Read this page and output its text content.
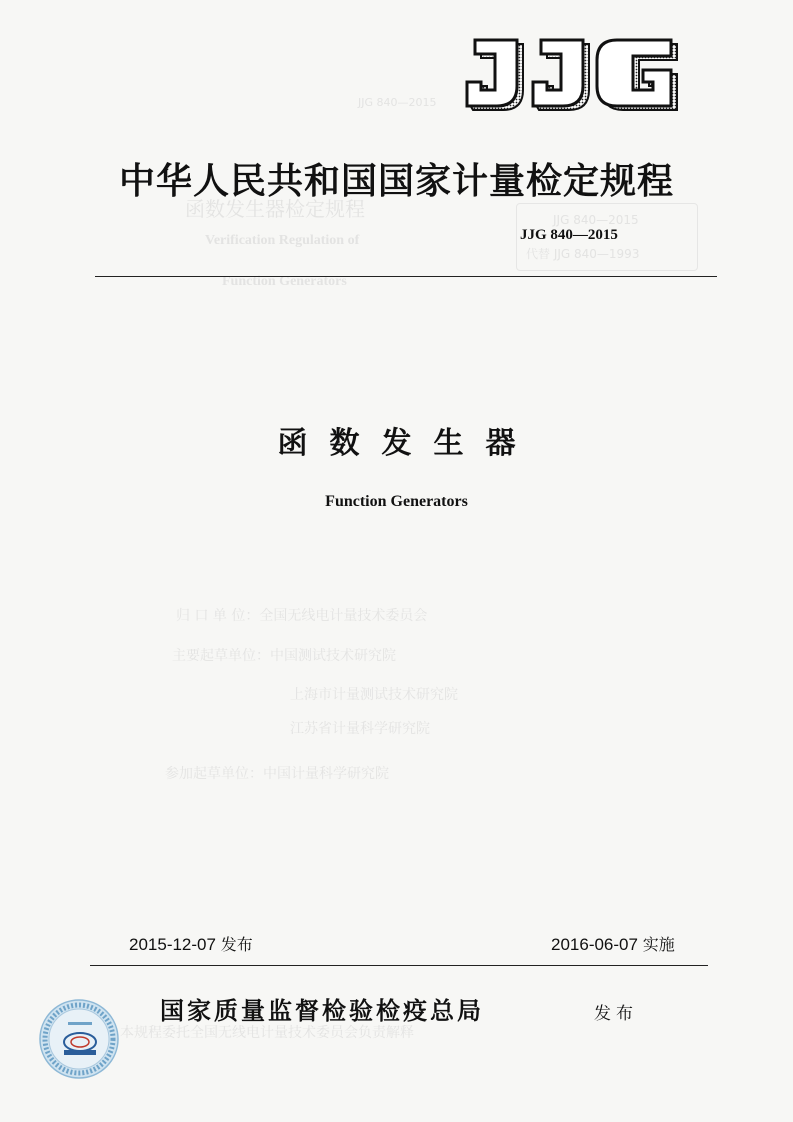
JJG 840—2015
函数发生器检定规程
Verification Regulation of
Function Generators
JJG 840—2015
代替 JJG 840—1993
归 口 单 位：全国无线电计量技术委员会
主要起草单位：中国测试技术研究院
上海市计量测试技术研究院
江苏省计量科学研究院
参加起草单位：中国计量科学研究院
本规程委托全国无线电计量技术委员会负责解释
中华人民共和国国家计量检定规程
JJG 840—2015
函数发生器
Function Generators
2015-12-07 发布	2016-06-07 实施
国家质量监督检验检疫总局	发布
